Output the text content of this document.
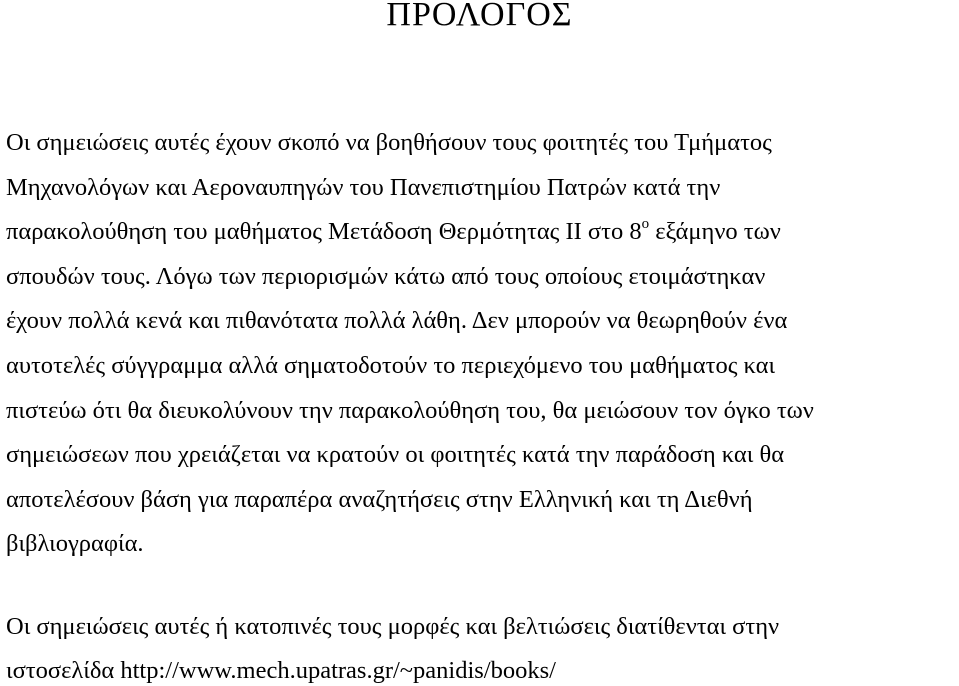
ΠΡΟΛΟΓΟΣ
Οι σημειώσεις αυτές έχουν σκοπό να βοηθήσουν τους φοιτητές του Τμήματος
Μηχανολόγων και Αεροναυπηγών του Πανεπιστημίου Πατρών κατά την
παρακολούθηση του μαθήματος Μετάδοση Θερμότητας ΙΙ στο $8^o$ εξάμηνο των
σπουδών τους. Λόγω των περιορισμών κάτω από τους οποίους ετοιμάστηκαν
έχουν πολλά κενά και πιθανότατα πολλά λάθη. Δεν μπορούν να θεωρηθούν ένα
αυτοτελές σύγγραμμα αλλά σηματοδοτούν το περιεχόμενο του μαθήματος και
πιστεύω ότι θα διευκολύνουν την παρακολούθηση του, θα μειώσουν τον όγκο των
σημειώσεων που χρειάζεται να κρατούν οι φοιτητές κατά την παράδοση και θα
αποτελέσουν βάση για παραπέρα αναζητήσεις στην Ελληνική και τη Διεθνή
βιβλιογραφία.
Οι σημειώσεις αυτές ή κατοπινές τους μορφές και βελτιώσεις διατίθενται στην
ιστοσελίδα http://www.mech.upatras.gr/~panidis/books/
